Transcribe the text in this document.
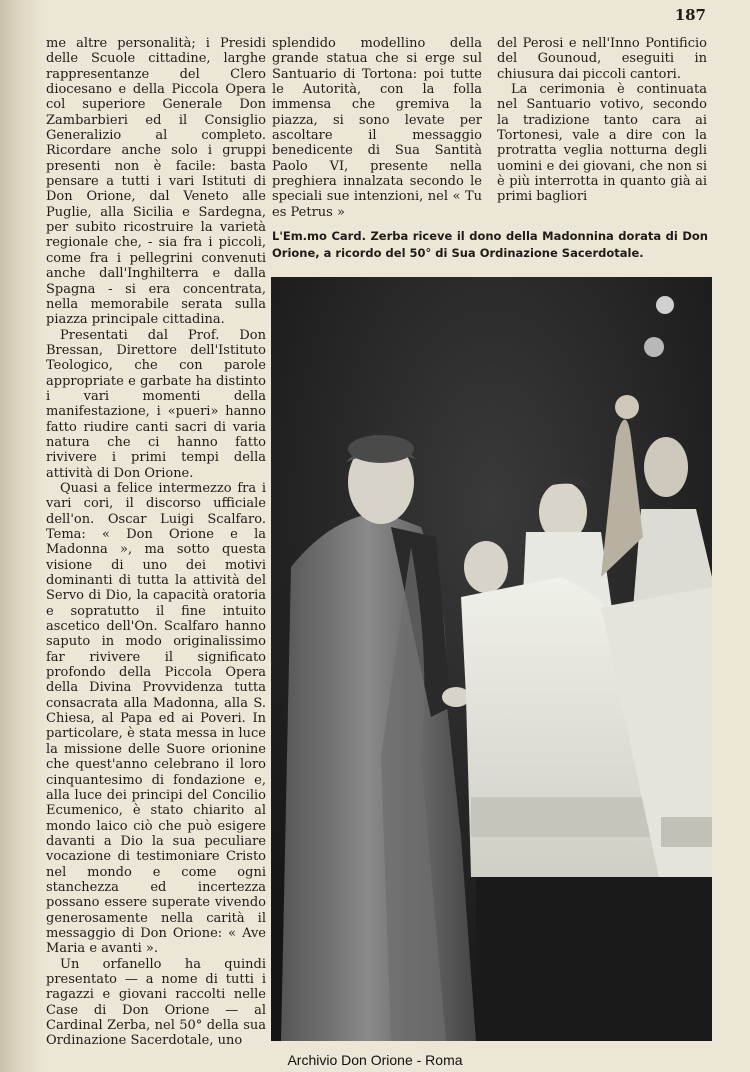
187

me altre personalità; i Presidi delle Scuole cittadine, larghe rappresentanze del Clero diocesano e della Piccola Opera col superiore Generale Don Zambarbieri ed il Consiglio Generalizio al completo. Ricordare anche solo i gruppi presenti non è facile: basta pensare a tutti i vari Istituti di Don Orione, dal Veneto alle Puglie, alla Sicilia e Sardegna, per subito ricostruire la varietà regionale che, - sia fra i piccoli, come fra i pellegrini convenuti anche dall'Inghilterra e dalla Spagna - si era concentrata, nella memorabile serata sulla piazza principale cittadina.

Presentati dal Prof. Don Bressan, Direttore dell'Istituto Teologico, che con parole appropriate e garbate ha distinto i vari momenti della manifestazione, i «pueri» hanno fatto riudire canti sacri di varia natura che ci hanno fatto rivivere i primi tempi della attività di Don Orione.

Quasi a felice intermezzo fra i vari cori, il discorso ufficiale dell'on. Oscar Luigi Scalfaro. Tema: « Don Orione e la Madonna », ma sotto questa visione di uno dei motivi dominanti di tutta la attività del Servo di Dio, la capacità oratoria e sopratutto il fine intuito ascetico dell'On. Scalfaro hanno saputo in modo originalissimo far rivivere il significato profondo della Piccola Opera della Divina Provvidenza tutta consacrata alla Madonna, alla S. Chiesa, al Papa ed ai Poveri. In particolare, è stata messa in luce la missione delle Suore orionine che quest'anno celebrano il loro cinquantesimo di fondazione e, alla luce dei principi del Concilio Ecumenico, è stato chiarito al mondo laico ciò che può esigere davanti a Dio la sua peculiare vocazione di testimoniare Cristo nel mondo e come ogni stanchezza ed incertezza possano essere superate vivendo generosamente nella carità il messaggio di Don Orione: « Ave Maria e avanti ».

Un orfanello ha quindi presentato — a nome di tutti i ragazzi e giovani raccolti nelle Case di Don Orione — al Cardinal Zerba, nel 50° della sua Ordinazione Sacerdotale, uno

splendido modellino della grande statua che si erge sul Santuario di Tortona: poi tutte le Autorità, con la folla immensa che gremiva la piazza, si sono levate per ascoltare il messaggio benedicente di Sua Santità Paolo VI, presente nella preghiera innalzata secondo le speciali sue intenzioni, nel « Tu es Petrus »

del Perosi e nell'Inno Pontificio del Gounoud, eseguiti in chiusura dai piccoli cantori.

La cerimonia è continuata nel Santuario votivo, secondo la tradizione tanto cara ai Tortonesi, vale a dire con la protratta veglia notturna degli uomini e dei giovani, che non si è più interrotta in quanto già ai primi bagliori

L'Em.mo Card. Zerba riceve il dono della Madonnina dorata di Don Orione, a ricordo del 50° di Sua Ordinazione Sacerdotale.

Archivio Don Orione - Roma
